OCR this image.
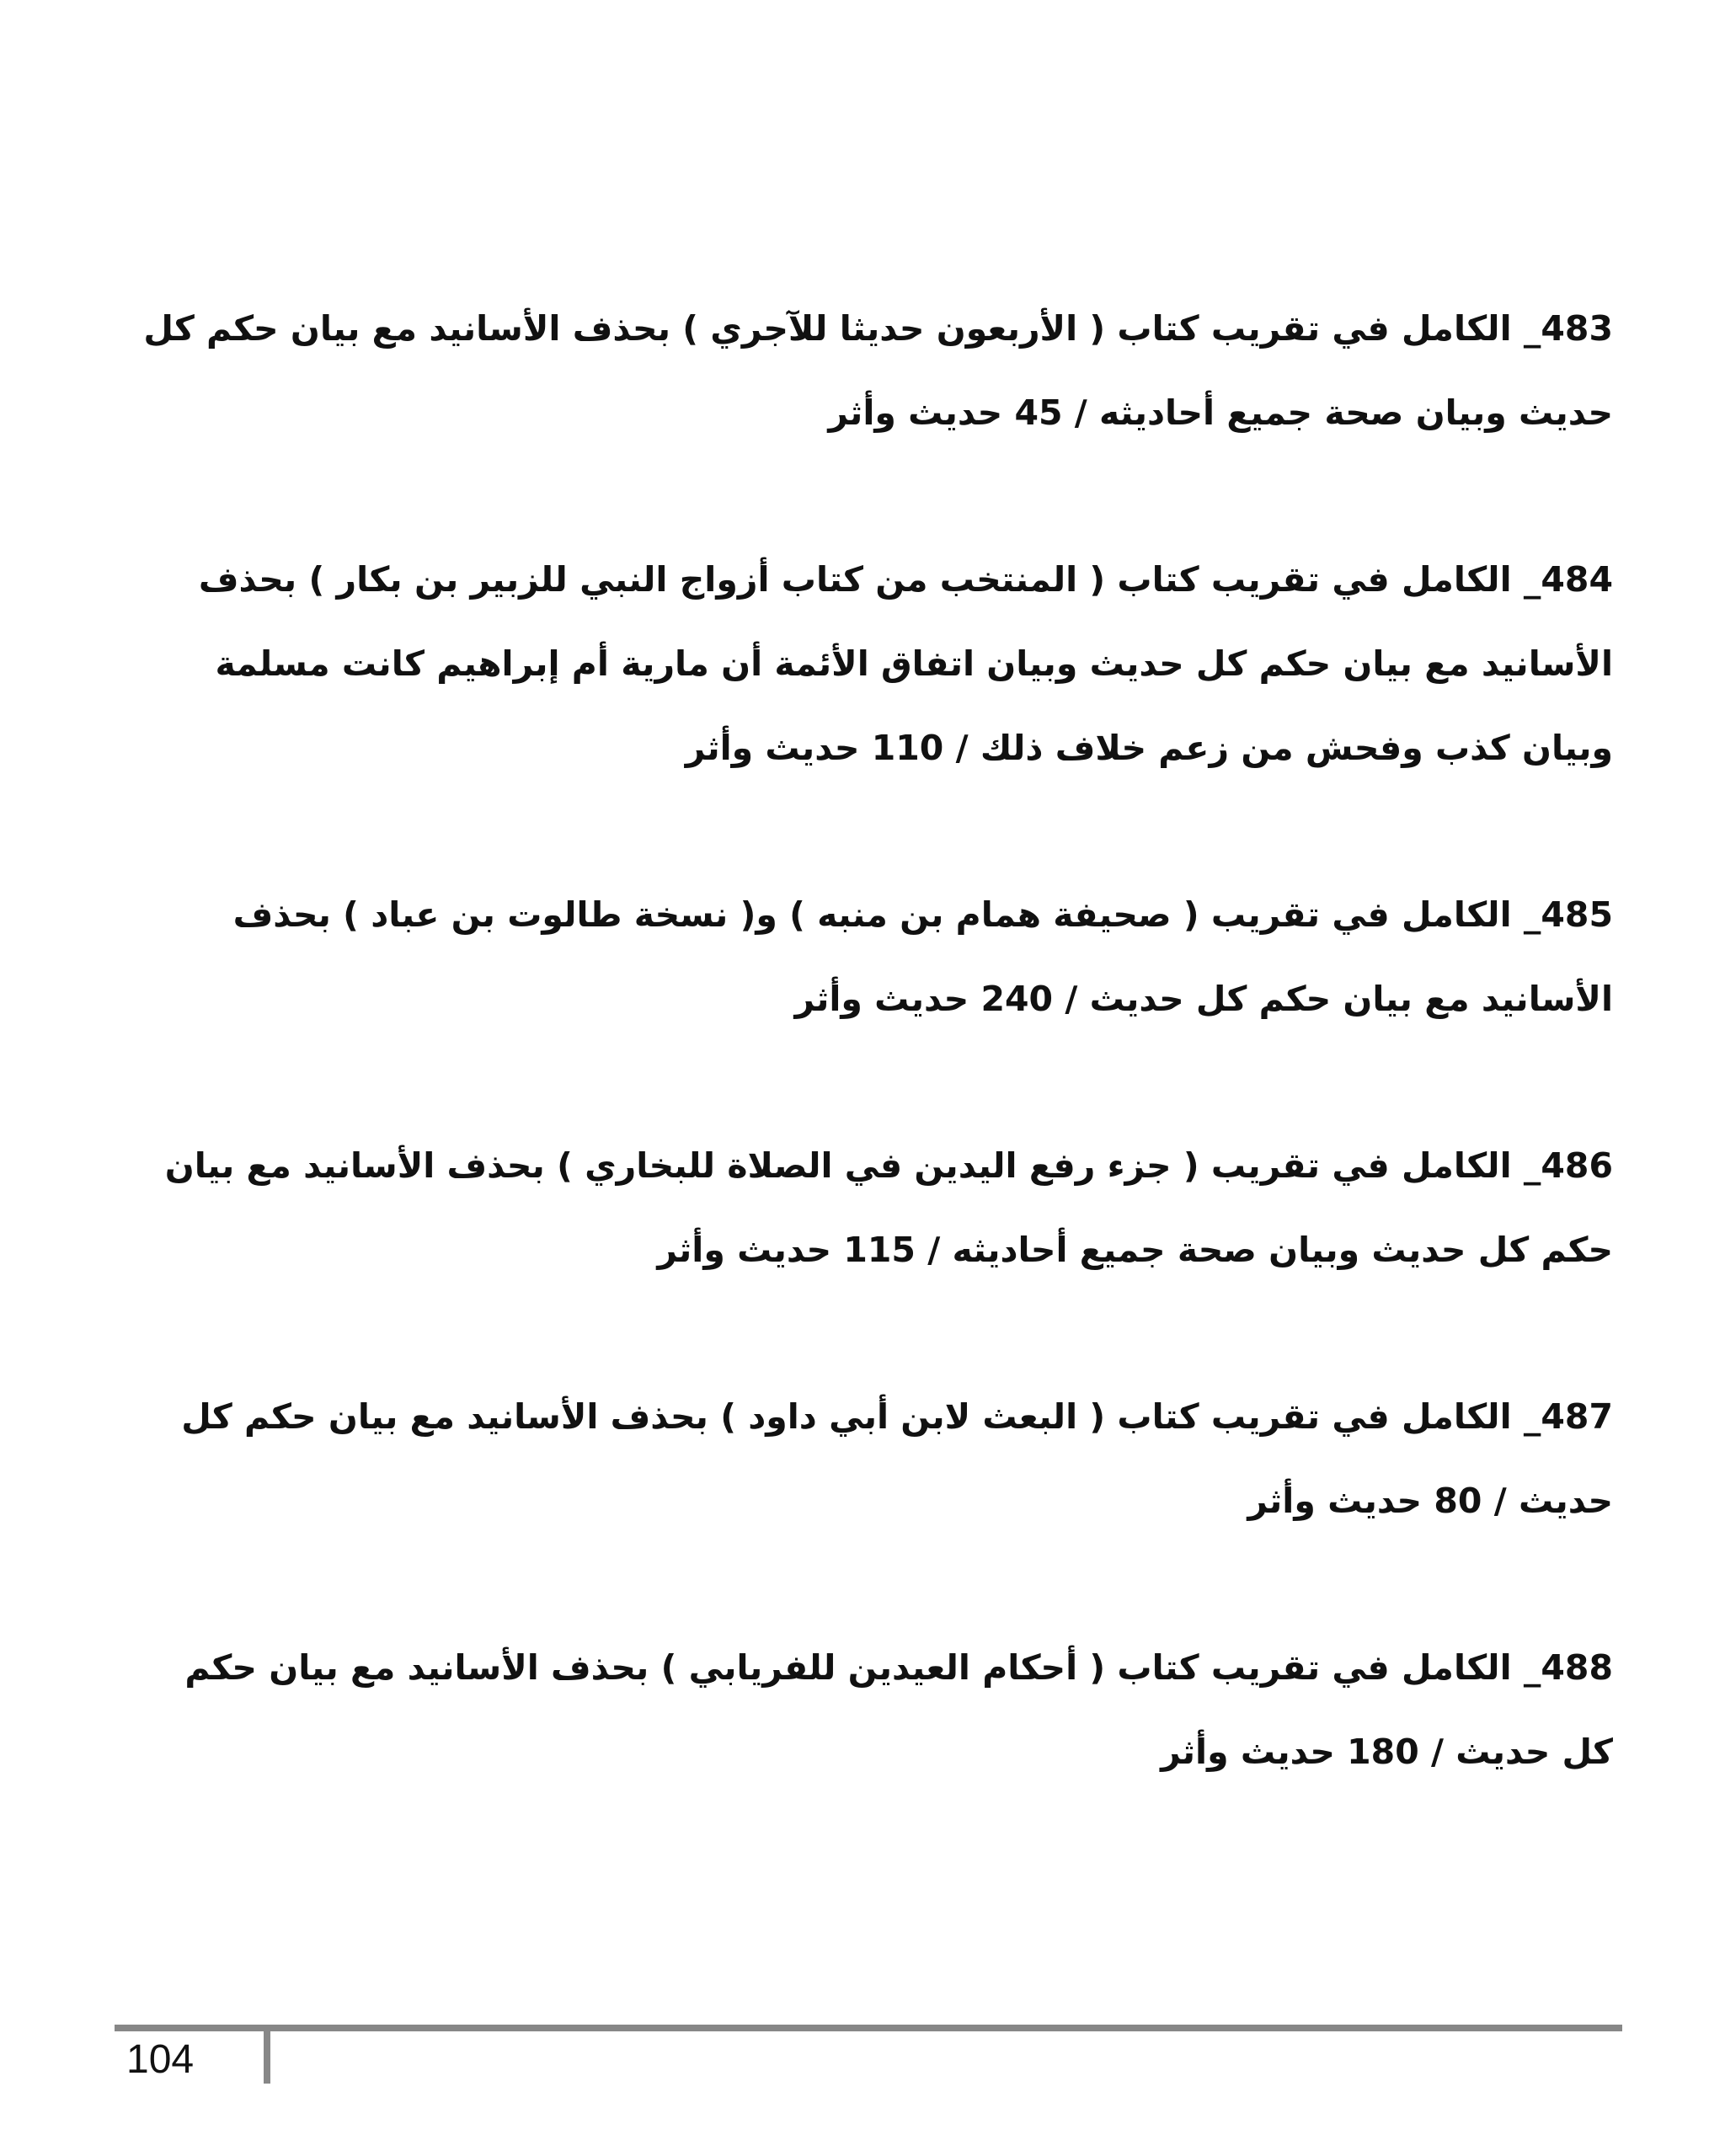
483_ الكامل في تقريب كتاب ( الأربعون حديثا للآجري ) بحذف الأسانيد مع بيان حكم كل حديث وبيان صحة جميع أحاديثه / 45 حديث وأثر

484_ الكامل في تقريب كتاب ( المنتخب من كتاب أزواج النبي للزبير بن بكار ) بحذف الأسانيد مع بيان حكم كل حديث وبيان اتفاق الأئمة أن مارية أم إبراهيم كانت مسلمة وبيان كذب وفحش من زعم خلاف ذلك / 110 حديث وأثر

485_ الكامل في تقريب ( صحيفة همام بن منبه ) و( نسخة طالوت بن عباد ) بحذف الأسانيد مع بيان حكم كل حديث / 240 حديث وأثر

486_ الكامل في تقريب ( جزء رفع اليدين في الصلاة للبخاري ) بحذف الأسانيد مع بيان حكم كل حديث وبيان صحة جميع أحاديثه / 115 حديث وأثر

487_ الكامل في تقريب كتاب ( البعث لابن أبي داود ) بحذف الأسانيد مع بيان حكم كل حديث / 80 حديث وأثر

488_ الكامل في تقريب كتاب ( أحكام العيدين للفريابي ) بحذف الأسانيد مع بيان حكم كل حديث / 180 حديث وأثر

104
